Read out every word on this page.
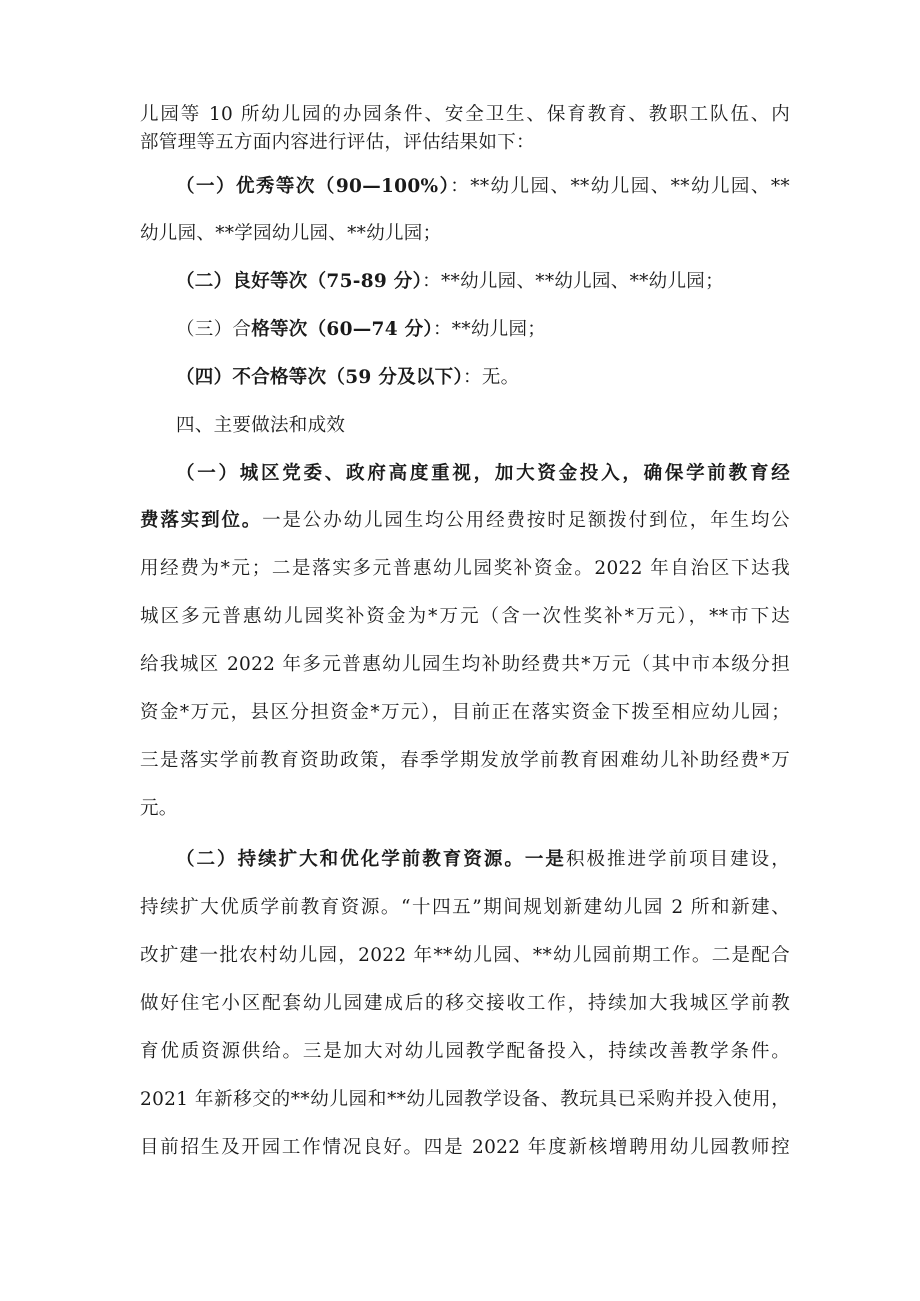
儿园等 10 所幼儿园的办园条件、安全卫生、保育教育、教职工队伍、内
部管理等五方面内容进行评估，评估结果如下：
（一）优秀等次（90—100%）：**幼儿园、**幼儿园、**幼儿园、**
幼儿园、**学园幼儿园、**幼儿园；
（二）良好等次（75-89 分）：**幼儿园、**幼儿园、**幼儿园；
（三）合格等次（60—74 分）：**幼儿园；
（四）不合格等次（59 分及以下）：无。
四、主要做法和成效
（一）城区党委、政府高度重视，加大资金投入，确保学前教育经
费落实到位。一是公办幼儿园生均公用经费按时足额拨付到位，年生均公
用经费为*元；二是落实多元普惠幼儿园奖补资金。2022 年自治区下达我
城区多元普惠幼儿园奖补资金为*万元（含一次性奖补*万元），**市下达
给我城区 2022 年多元普惠幼儿园生均补助经费共*万元（其中市本级分担
资金*万元，县区分担资金*万元），目前正在落实资金下拨至相应幼儿园；
三是落实学前教育资助政策，春季学期发放学前教育困难幼儿补助经费*万
元。
（二）持续扩大和优化学前教育资源。一是积极推进学前项目建设，
持续扩大优质学前教育资源。“十四五”期间规划新建幼儿园 2 所和新建、
改扩建一批农村幼儿园，2022 年**幼儿园、**幼儿园前期工作。二是配合
做好住宅小区配套幼儿园建成后的移交接收工作，持续加大我城区学前教
育优质资源供给。三是加大对幼儿园教学配备投入，持续改善教学条件。
2021 年新移交的**幼儿园和**幼儿园教学设备、教玩具已采购并投入使用，
目前招生及开园工作情况良好。四是 2022 年度新核增聘用幼儿园教师控
